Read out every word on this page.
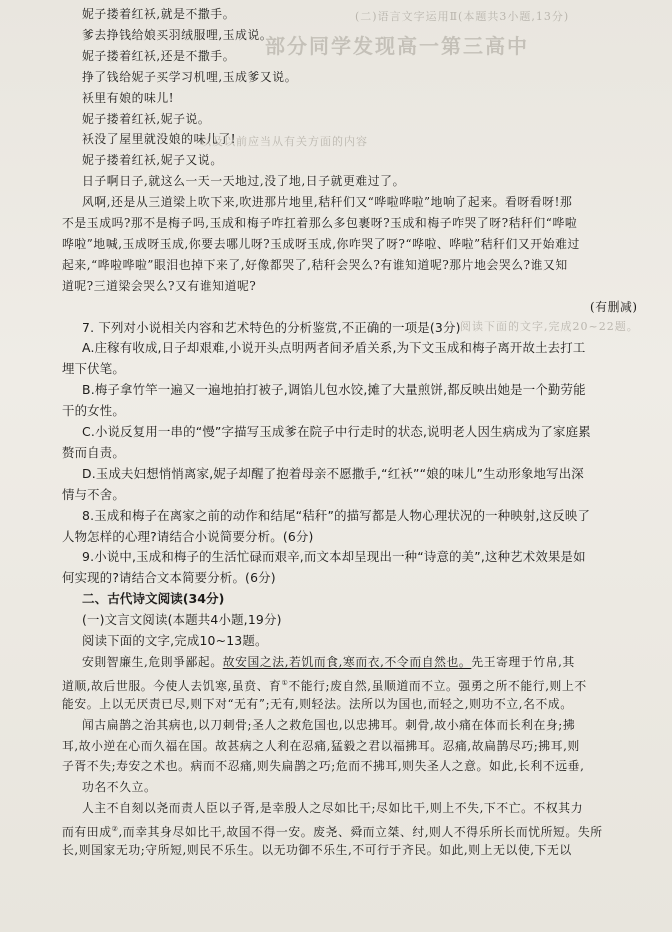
(二)语言文字运用Ⅱ(本题共3小题,13分)
部分同学发现高一第三高中
以及以前应当从有关方面的内容
阅读下面的文字,完成20~22题。
妮子搂着红袄,就是不撒手。
爹去挣钱给娘买羽绒服哩,玉成说。
妮子搂着红袄,还是不撒手。
挣了钱给妮子买学习机哩,玉成爹又说。
袄里有娘的味儿!
妮子搂着红袄,妮子说。
袄没了屋里就没娘的味儿了!
妮子搂着红袄,妮子又说。
日子啊日子,就这么一天一天地过,没了地,日子就更难过了。
风啊,还是从三道梁上吹下来,吹进那片地里,秸秆们又“哗啦哗啦”地响了起来。看呀看呀!那
不是玉成吗?那不是梅子吗,玉成和梅子咋扛着那么多包裹呀?玉成和梅子咋哭了呀?秸秆们“哗啦
哗啦”地喊,玉成呀玉成,你要去哪儿呀?玉成呀玉成,你咋哭了呀?“哗啦、哗啦”秸秆们又开始难过
起来,“哗啦哗啦”眼泪也掉下来了,好像都哭了,秸秆会哭么?有谁知道呢?那片地会哭么?谁又知
道呢?三道梁会哭么?又有谁知道呢?
(有删减)
7. 下列对小说相关内容和艺术特色的分析鉴赏,不正确的一项是(3分)
A.庄稼有收成,日子却艰难,小说开头点明两者间矛盾关系,为下文玉成和梅子离开故土去打工
埋下伏笔。
B.梅子拿竹竿一遍又一遍地拍打被子,调馅儿包水饺,摊了大量煎饼,都反映出她是一个勤劳能
干的女性。
C.小说反复用一串的“慢”字描写玉成爹在院子中行走时的状态,说明老人因生病成为了家庭累
赘而自责。
D.玉成夫妇想悄悄离家,妮子却醒了抱着母亲不愿撒手,“红袄”“娘的味儿”生动形象地写出深
情与不舍。
8.玉成和梅子在离家之前的动作和结尾“秸秆”的描写都是人物心理状况的一种映射,这反映了
人物怎样的心理?请结合小说简要分析。(6分)
9.小说中,玉成和梅子的生活忙碌而艰辛,而文本却呈现出一种“诗意的美”,这种艺术效果是如
何实现的?请结合文本简要分析。(6分)
二、古代诗文阅读(34分)
(一)文言文阅读(本题共4小题,19分)
阅读下面的文字,完成10~13题。
安則智廉生,危則爭鄙起。故安国之法,若饥而食,寒而衣,不令而自然也。先王寄理于竹帛,其
道顺,故后世服。今使人去饥寒,虽贲、育①不能行;废自然,虽顺道而不立。强勇之所不能行,则上不
能安。上以无厌责已尽,则下对“无有”;无有,则轻法。法所以为国也,而轻之,则功不立,名不成。
闻古扁鹊之治其病也,以刀刺骨;圣人之救危国也,以忠拂耳。刺骨,故小痛在体而长利在身;拂
耳,故小逆在心而久福在国。故甚病之人利在忍痛,猛毅之君以福拂耳。忍痛,故扁鹊尽巧;拂耳,则
子胥不失;寿安之术也。病而不忍痛,则失扁鹊之巧;危而不拂耳,则失圣人之意。如此,长利不远垂,
功名不久立。
人主不自刻以尧而责人臣以子胥,是幸殷人之尽如比干;尽如比干,则上不失,下不亡。不权其力
而有田成②,而幸其身尽如比干,故国不得一安。废尧、舜而立桀、纣,则人不得乐所长而忧所短。失所
长,则国家无功;守所短,则民不乐生。以无功御不乐生,不可行于齐民。如此,则上无以使,下无以
